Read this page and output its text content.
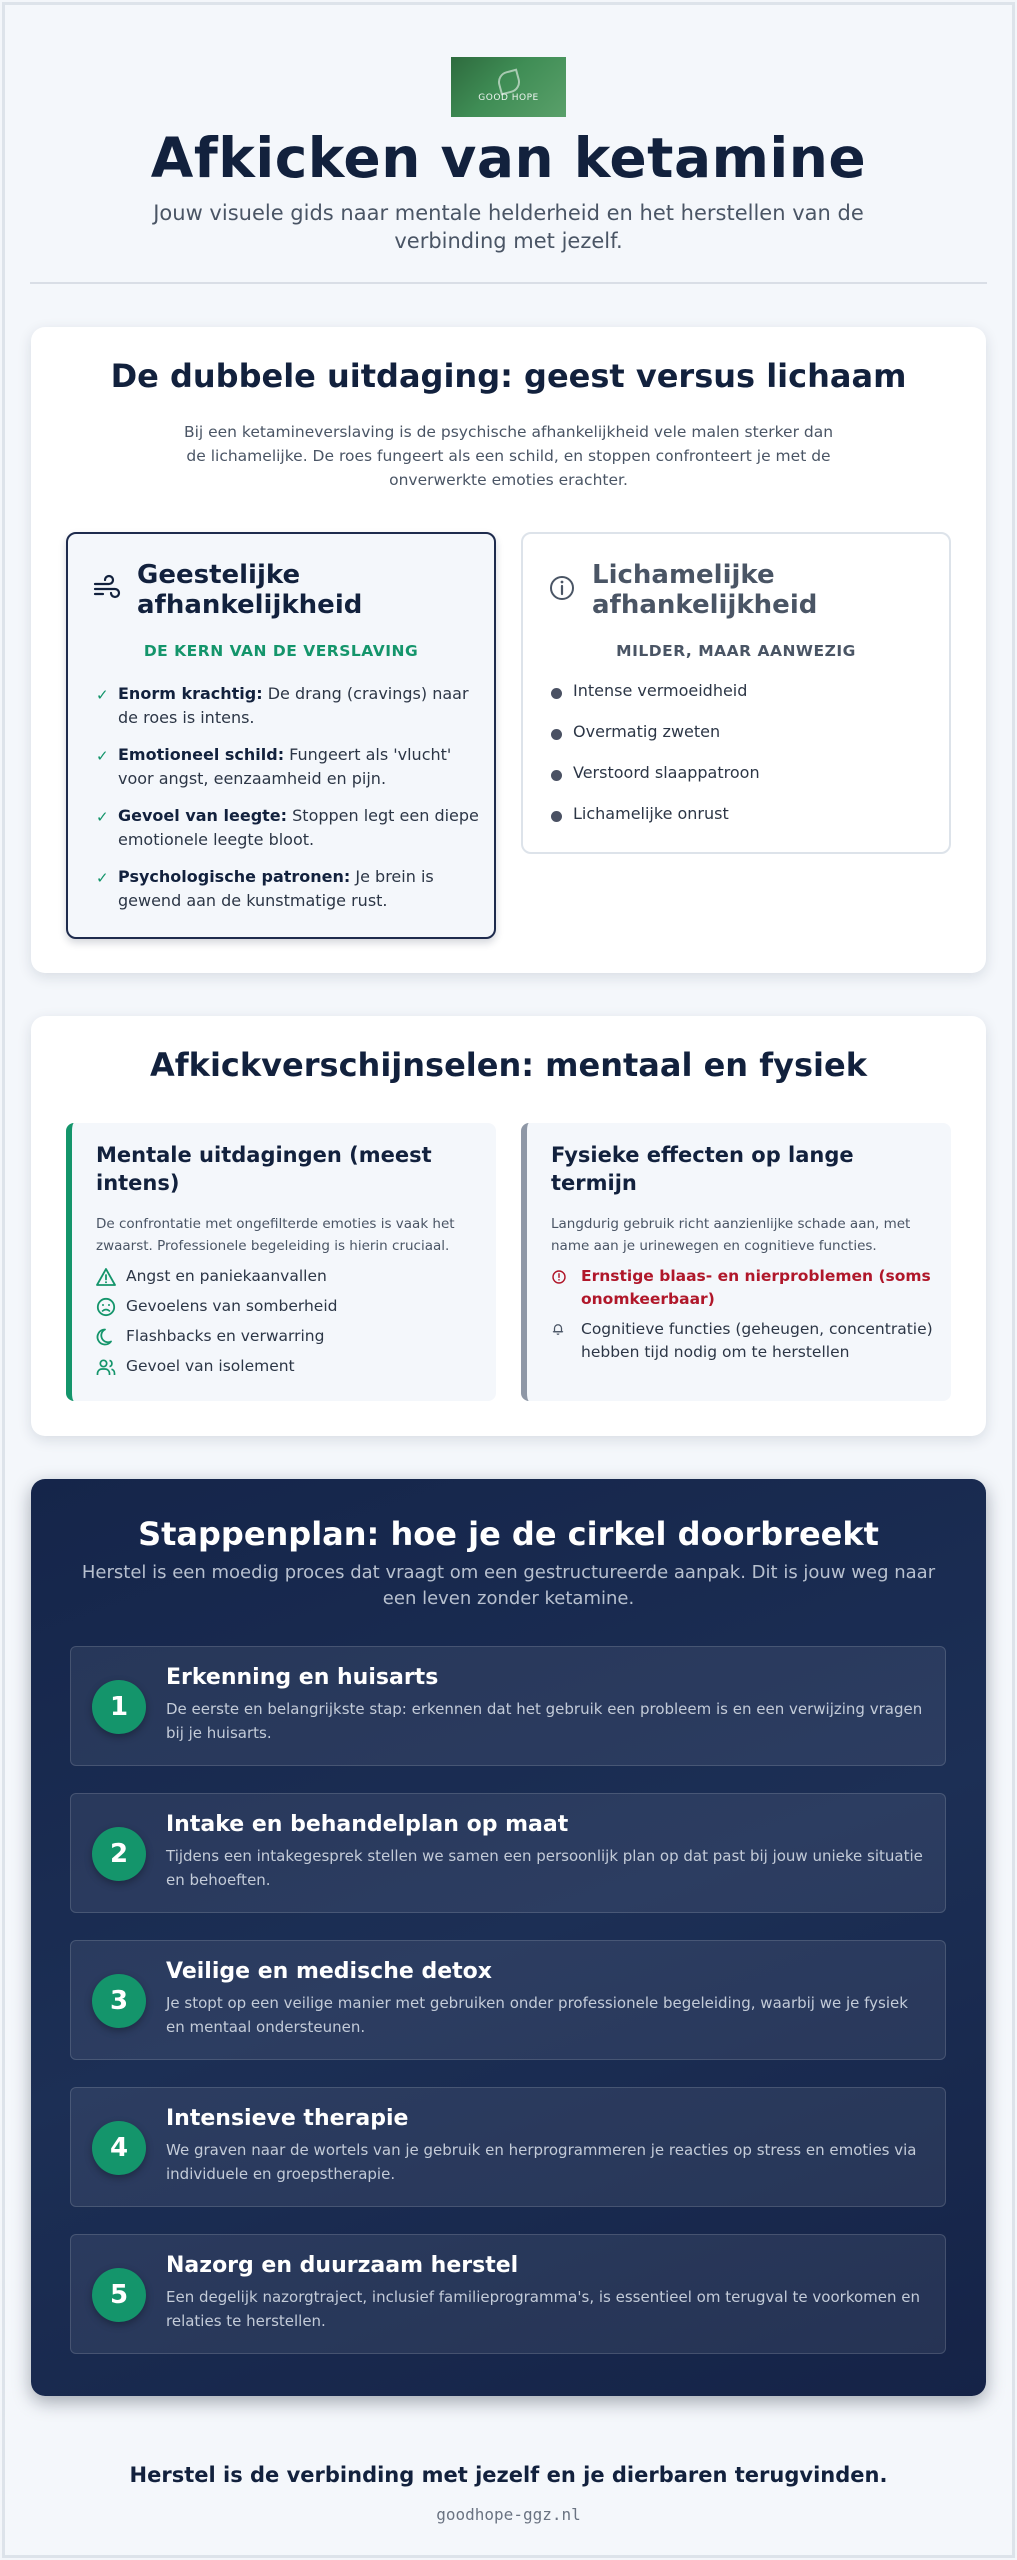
GOOD HOPE
Afkicken van ketamine

Jouw visuele gids naar mentale helderheid en het herstellen van de verbinding met jezelf.

De dubbele uitdaging: geest versus lichaam

Bij een ketamineverslaving is de psychische afhankelijkheid vele malen sterker dan de lichamelijke. De roes fungeert als een schild, en stoppen confronteert je met de onverwerkte emoties erachter.

Geestelijke afhankelijkheid
DE KERN VAN DE VERSLAVING
✓ Enorm krachtig: De drang (cravings) naar de roes is intens.
✓ Emotioneel schild: Fungeert als 'vlucht' voor angst, eenzaamheid en pijn.
✓ Gevoel van leegte: Stoppen legt een diepe emotionele leegte bloot.
✓ Psychologische patronen: Je brein is gewend aan de kunstmatige rust.
Lichamelijke afhankelijkheid
MILDER, MAAR AANWEZIG
Intense vermoeidheid
Overmatig zweten
Verstoord slaappatroon
Lichamelijke onrust
Afkickverschijnselen: mentaal en fysiek
Mentale uitdagingen (meest intens)
De confrontatie met ongefilterde emoties is vaak het zwaarst. Professionele begeleiding is hierin cruciaal.
Angst en paniekaanvallen
Gevoelens van somberheid
Flashbacks en verwarring
Gevoel van isolement
Fysieke effecten op lange termijn
Langdurig gebruik richt aanzienlijke schade aan, met name aan je urinewegen en cognitieve functies.
Ernstige blaas- en nierproblemen (soms onomkeerbaar)
Cognitieve functies (geheugen, concentratie) hebben tijd nodig om te herstellen
Stappenplan: hoe je de cirkel doorbreekt

Herstel is een moedig proces dat vraagt om een gestructureerde aanpak. Dit is jouw weg naar een leven zonder ketamine.

1
Erkenning en huisarts
De eerste en belangrijkste stap: erkennen dat het gebruik een probleem is en een verwijzing vragen bij je huisarts.
2
Intake en behandelplan op maat
Tijdens een intakegesprek stellen we samen een persoonlijk plan op dat past bij jouw unieke situatie en behoeften.
3
Veilige en medische detox
Je stopt op een veilige manier met gebruiken onder professionele begeleiding, waarbij we je fysiek en mentaal ondersteunen.
4
Intensieve therapie
We graven naar de wortels van je gebruik en herprogrammeren je reacties op stress en emoties via individuele en groepstherapie.
5
Nazorg en duurzaam herstel
Een degelijk nazorgtraject, inclusief familieprogramma's, is essentieel om terugval te voorkomen en relaties te herstellen.

Herstel is de verbinding met jezelf en je dierbaren terugvinden.

goodhope-ggz.nl
